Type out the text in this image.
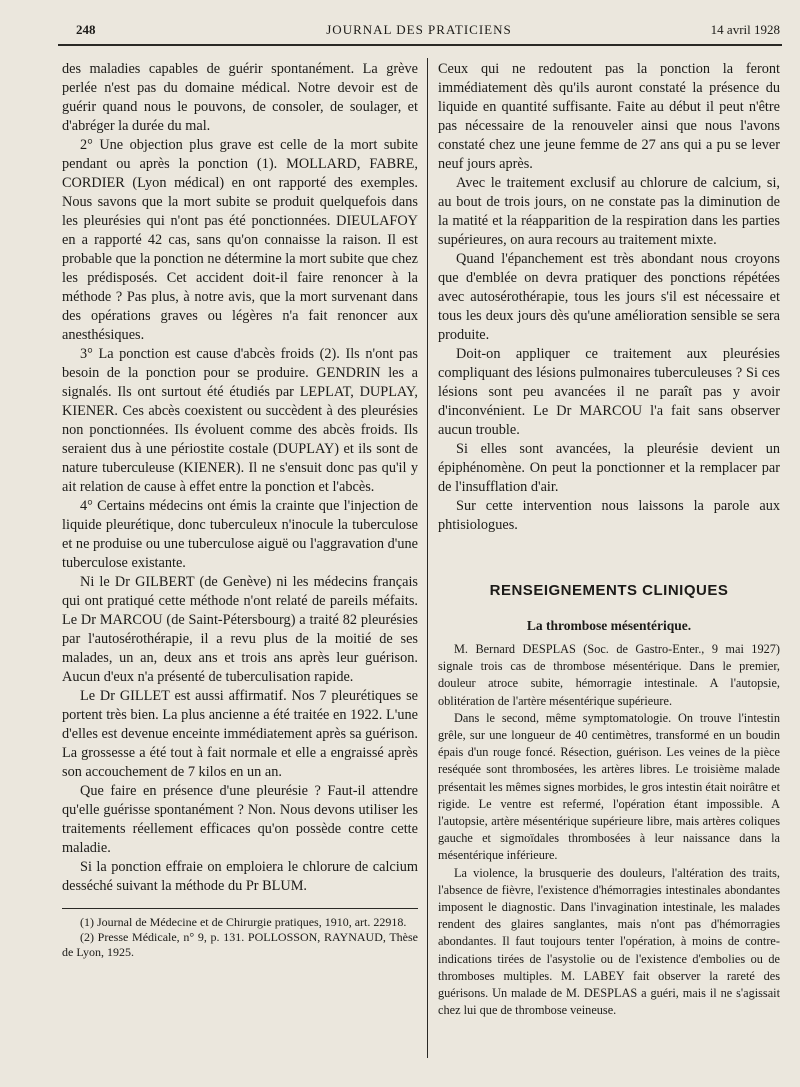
248	JOURNAL DES PRATICIENS	14 avril 1928

des maladies capables de guérir spontanément. La grève perlée n'est pas du domaine médical. Notre devoir est de guérir quand nous le pouvons, de consoler, de soulager, et d'abréger la durée du mal.

2° Une objection plus grave est celle de la mort subite pendant ou après la ponction (1). MOLLARD, FABRE, CORDIER (Lyon médical) en ont rapporté des exemples. Nous savons que la mort subite se produit quelquefois dans les pleurésies qui n'ont pas été ponctionnées. DIEULAFOY en a rapporté 42 cas, sans qu'on connaisse la raison. Il est probable que la ponction ne détermine la mort subite que chez les prédisposés. Cet accident doit-il faire renoncer à la méthode ? Pas plus, à notre avis, que la mort survenant dans des opérations graves ou légères n'a fait renoncer aux anesthésiques.

3° La ponction est cause d'abcès froids (2). Ils n'ont pas besoin de la ponction pour se produire. GENDRIN les a signalés. Ils ont surtout été étudiés par LEPLAT, DUPLAY, KIENER. Ces abcès coexistent ou succèdent à des pleurésies non ponctionnées. Ils évoluent comme des abcès froids. Ils seraient dus à une périostite costale (DUPLAY) et ils sont de nature tuberculeuse (KIENER). Il ne s'ensuit donc pas qu'il y ait relation de cause à effet entre la ponction et l'abcès.

4° Certains médecins ont émis la crainte que l'injection de liquide pleurétique, donc tuberculeux n'inocule la tuberculose et ne produise ou une tuberculose aiguë ou l'aggravation d'une tuberculose existante.

Ni le Dr GILBERT (de Genève) ni les médecins français qui ont pratiqué cette méthode n'ont relaté de pareils méfaits. Le Dr MARCOU (de Saint-Pétersbourg) a traité 82 pleurésies par l'autosérothérapie, il a revu plus de la moitié de ses malades, un an, deux ans et trois ans après leur guérison. Aucun d'eux n'a présenté de tuberculisation rapide.

Le Dr GILLET est aussi affirmatif. Nos 7 pleurétiques se portent très bien. La plus ancienne a été traitée en 1922. L'une d'elles est devenue enceinte immédiatement après sa guérison. La grossesse a été tout à fait normale et elle a engraissé après son accouchement de 7 kilos en un an.

Que faire en présence d'une pleurésie ? Faut-il attendre qu'elle guérisse spontanément ? Non. Nous devons utiliser les traitements réellement efficaces qu'on possède contre cette maladie.

Si la ponction effraie on emploiera le chlorure de calcium desséché suivant la méthode du Pr BLUM.

(1) Journal de Médecine et de Chirurgie pratiques, 1910, art. 22918.

(2) Presse Médicale, n° 9, p. 131. POLLOSSON, RAYNAUD, Thèse de Lyon, 1925.

Ceux qui ne redoutent pas la ponction la feront immédiatement dès qu'ils auront constaté la présence du liquide en quantité suffisante. Faite au début il peut n'être pas nécessaire de la renouveler ainsi que nous l'avons constaté chez une jeune femme de 27 ans qui a pu se lever neuf jours après.

Avec le traitement exclusif au chlorure de calcium, si, au bout de trois jours, on ne constate pas la diminution de la matité et la réapparition de la respiration dans les parties supérieures, on aura recours au traitement mixte.

Quand l'épanchement est très abondant nous croyons que d'emblée on devra pratiquer des ponctions répétées avec autosérothérapie, tous les jours s'il est nécessaire et tous les deux jours dès qu'une amélioration sensible se sera produite.

Doit-on appliquer ce traitement aux pleurésies compliquant des lésions pulmonaires tuberculeuses ? Si ces lésions sont peu avancées il ne paraît pas y avoir d'inconvénient. Le Dr MARCOU l'a fait sans observer aucun trouble.

Si elles sont avancées, la pleurésie devient un épiphénomène. On peut la ponctionner et la remplacer par de l'insufflation d'air.

Sur cette intervention nous laissons la parole aux phtisiologues.

RENSEIGNEMENTS CLINIQUES
La thrombose mésentérique.

M. Bernard DESPLAS (Soc. de Gastro-Enter., 9 mai 1927) signale trois cas de thrombose mésentérique. Dans le premier, douleur atroce subite, hémorragie intestinale. A l'autopsie, oblitération de l'artère mésentérique supérieure.

Dans le second, même symptomatologie. On trouve l'intestin grêle, sur une longueur de 40 centimètres, transformé en un boudin épais d'un rouge foncé. Résection, guérison. Les veines de la pièce reséquée sont thrombosées, les artères libres. Le troisième malade présentait les mêmes signes morbides, le gros intestin était noirâtre et rigide. Le ventre est refermé, l'opération étant impossible. A l'autopsie, artère mésentérique supérieure libre, mais artères coliques gauche et sigmoïdales thrombosées à leur naissance dans la mésentérique inférieure.

La violence, la brusquerie des douleurs, l'altération des traits, l'absence de fièvre, l'existence d'hémorragies intestinales abondantes imposent le diagnostic. Dans l'invagination intestinale, les malades rendent des glaires sanglantes, mais n'ont pas d'hémorragies abondantes. Il faut toujours tenter l'opération, à moins de contre-indications tirées de l'asystolie ou de l'existence d'embolies ou de thromboses multiples. M. LABEY fait observer la rareté des guérisons. Un malade de M. DESPLAS a guéri, mais il ne s'agissait chez lui que de thrombose veineuse.
